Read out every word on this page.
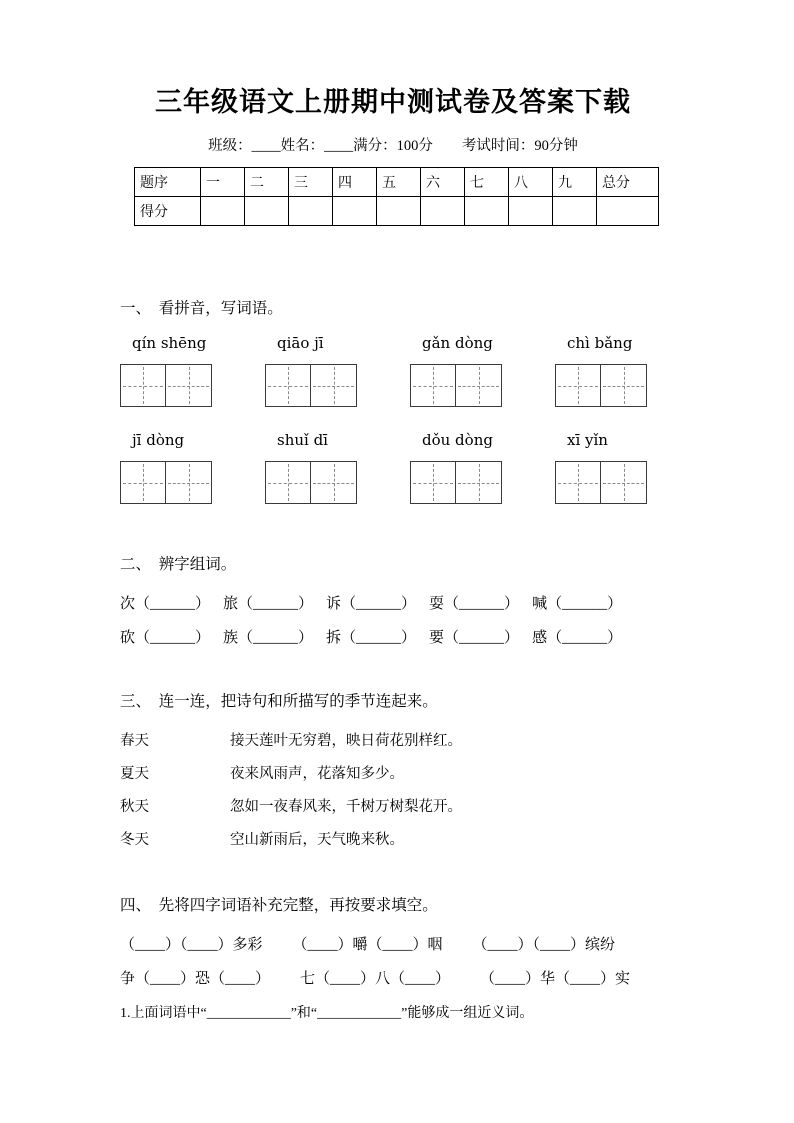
三年级语文上册期中测试卷及答案下载
班级：____姓名：____满分：100分　　考试时间：90分钟
题序	一	二	三	四	五	六	七	八	九	总分
得分										
一、　看拼音，写词语。
qín shēng	qiāo jī	gǎn dòng	chì bǎng
jī dòng	shuǐ dī	dǒu dòng	xī yǐn
二、　辨字组词。
次（______） 旅（______） 诉（______） 耍（______） 喊（______）
砍（______） 族（______） 拆（______） 要（______） 感（______）
三、　连一连，把诗句和所描写的季节连起来。
春天	接天莲叶无穷碧，映日荷花别样红。
夏天	夜来风雨声，花落知多少。
秋天	忽如一夜春风来，千树万树梨花开。
冬天	空山新雨后，天气晚来秋。
四、　先将四字词语补充完整，再按要求填空。
（____）（____）多彩 （____）嚼（____）咽 （____）（____）缤纷
争（____）恐（____） 七（____）八（____） （____）华（____）实
1.上面词语中“____________”和“____________”能够成一组近义词。
